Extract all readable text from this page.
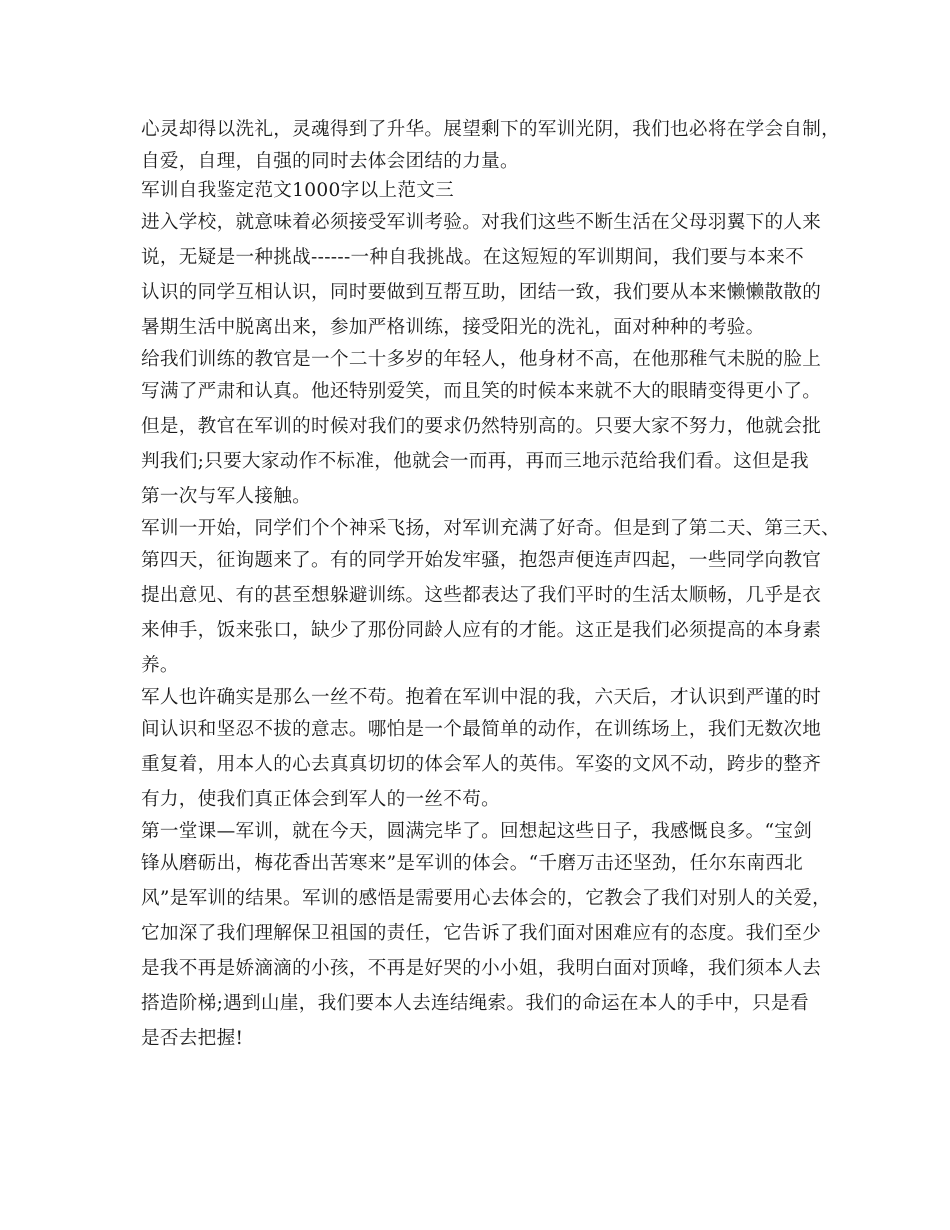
心灵却得以洗礼，灵魂得到了升华。展望剩下的军训光阴，我们也必将在学会自制，
自爱，自理，自强的同时去体会团结的力量。
军训自我鉴定范文1000字以上范文三
进入学校，就意味着必须接受军训考验。对我们这些不断生活在父母羽翼下的人来
说，无疑是一种挑战------一种自我挑战。在这短短的军训期间，我们要与本来不
认识的同学互相认识，同时要做到互帮互助，团结一致，我们要从本来懒懒散散的
暑期生活中脱离出来，参加严格训练，接受阳光的洗礼，面对种种的考验。
给我们训练的教官是一个二十多岁的年轻人，他身材不高，在他那稚气未脱的脸上
写满了严肃和认真。他还特别爱笑，而且笑的时候本来就不大的眼睛变得更小了。
但是，教官在军训的时候对我们的要求仍然特别高的。只要大家不努力，他就会批
判我们;只要大家动作不标准，他就会一而再，再而三地示范给我们看。这但是我
第一次与军人接触。
军训一开始，同学们个个神采飞扬，对军训充满了好奇。但是到了第二天、第三天、
第四天，征询题来了。有的同学开始发牢骚，抱怨声便连声四起，一些同学向教官
提出意见、有的甚至想躲避训练。这些都表达了我们平时的生活太顺畅，几乎是衣
来伸手，饭来张口，缺少了那份同龄人应有的才能。这正是我们必须提高的本身素
养。
军人也许确实是那么一丝不苟。抱着在军训中混的我，六天后，才认识到严谨的时
间认识和坚忍不拔的意志。哪怕是一个最简单的动作，在训练场上，我们无数次地
重复着，用本人的心去真真切切的体会军人的英伟。军姿的文风不动，跨步的整齐
有力，使我们真正体会到军人的一丝不苟。
第一堂课—军训，就在今天，圆满完毕了。回想起这些日子，我感慨良多。“宝剑
锋从磨砺出，梅花香出苦寒来”是军训的体会。“千磨万击还坚劲，任尔东南西北
风”是军训的结果。军训的感悟是需要用心去体会的，它教会了我们对别人的关爱，
它加深了我们理解保卫祖国的责任，它告诉了我们面对困难应有的态度。我们至少
是我不再是娇滴滴的小孩，不再是好哭的小小姐，我明白面对顶峰，我们须本人去
搭造阶梯;遇到山崖，我们要本人去连结绳索。我们的命运在本人的手中，只是看
是否去把握!
